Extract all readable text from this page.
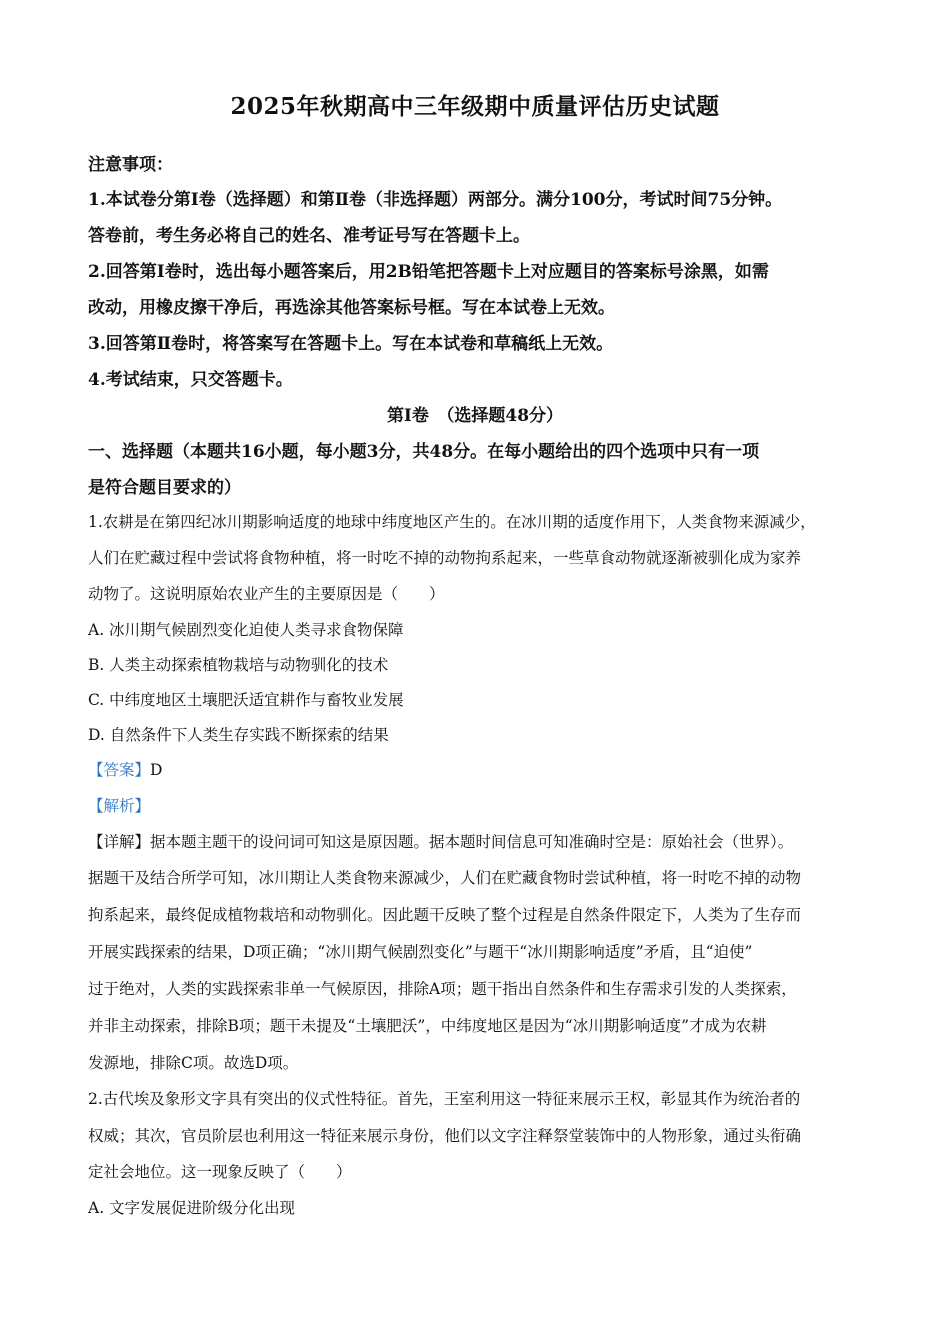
2025年秋期高中三年级期中质量评估历史试题
注意事项：
1.本试卷分第Ⅰ卷（选择题）和第Ⅱ卷（非选择题）两部分。满分100分，考试时间75分钟。
答卷前，考生务必将自己的姓名、准考证号写在答题卡上。
2.回答第Ⅰ卷时，选出每小题答案后，用2B铅笔把答题卡上对应题目的答案标号涂黑，如需
改动，用橡皮擦干净后，再选涂其他答案标号框。写在本试卷上无效。
3.回答第Ⅱ卷时，将答案写在答题卡上。写在本试卷和草稿纸上无效。
4.考试结束，只交答题卡。
第Ⅰ卷　（选择题48分）
一、选择题（本题共16小题，每小题3分，共48分。在每小题给出的四个选项中只有一项
是符合题目要求的）
1.农耕是在第四纪冰川期影响适度的地球中纬度地区产生的。在冰川期的适度作用下，人类食物来源减少，
人们在贮藏过程中尝试将食物种植，将一时吃不掉的动物拘系起来，一些草食动物就逐渐被驯化成为家养
动物了。这说明原始农业产生的主要原因是（　　）
A. 冰川期气候剧烈变化迫使人类寻求食物保障
B. 人类主动探索植物栽培与动物驯化的技术
C. 中纬度地区土壤肥沃适宜耕作与畜牧业发展
D. 自然条件下人类生存实践不断探索的结果
【答案】D
【解析】
【详解】据本题主题干的设问词可知这是原因题。据本题时间信息可知准确时空是：原始社会（世界）。
据题干及结合所学可知，冰川期让人类食物来源减少，人们在贮藏食物时尝试种植，将一时吃不掉的动物
拘系起来，最终促成植物栽培和动物驯化。因此题干反映了整个过程是自然条件限定下，人类为了生存而
开展实践探索的结果，D项正确；“冰川期气候剧烈变化”与题干“冰川期影响适度”矛盾，且“迫使”
过于绝对，人类的实践探索非单一气候原因，排除A项；题干指出自然条件和生存需求引发的人类探索，
并非主动探索，排除B项；题干未提及“土壤肥沃”，中纬度地区是因为“冰川期影响适度”才成为农耕
发源地，排除C项。故选D项。
2.古代埃及象形文字具有突出的仪式性特征。首先，王室利用这一特征来展示王权，彰显其作为统治者的
权威；其次，官员阶层也利用这一特征来展示身份，他们以文字注释祭堂装饰中的人物形象，通过头衔确
定社会地位。这一现象反映了（　　）
A. 文字发展促进阶级分化出现
